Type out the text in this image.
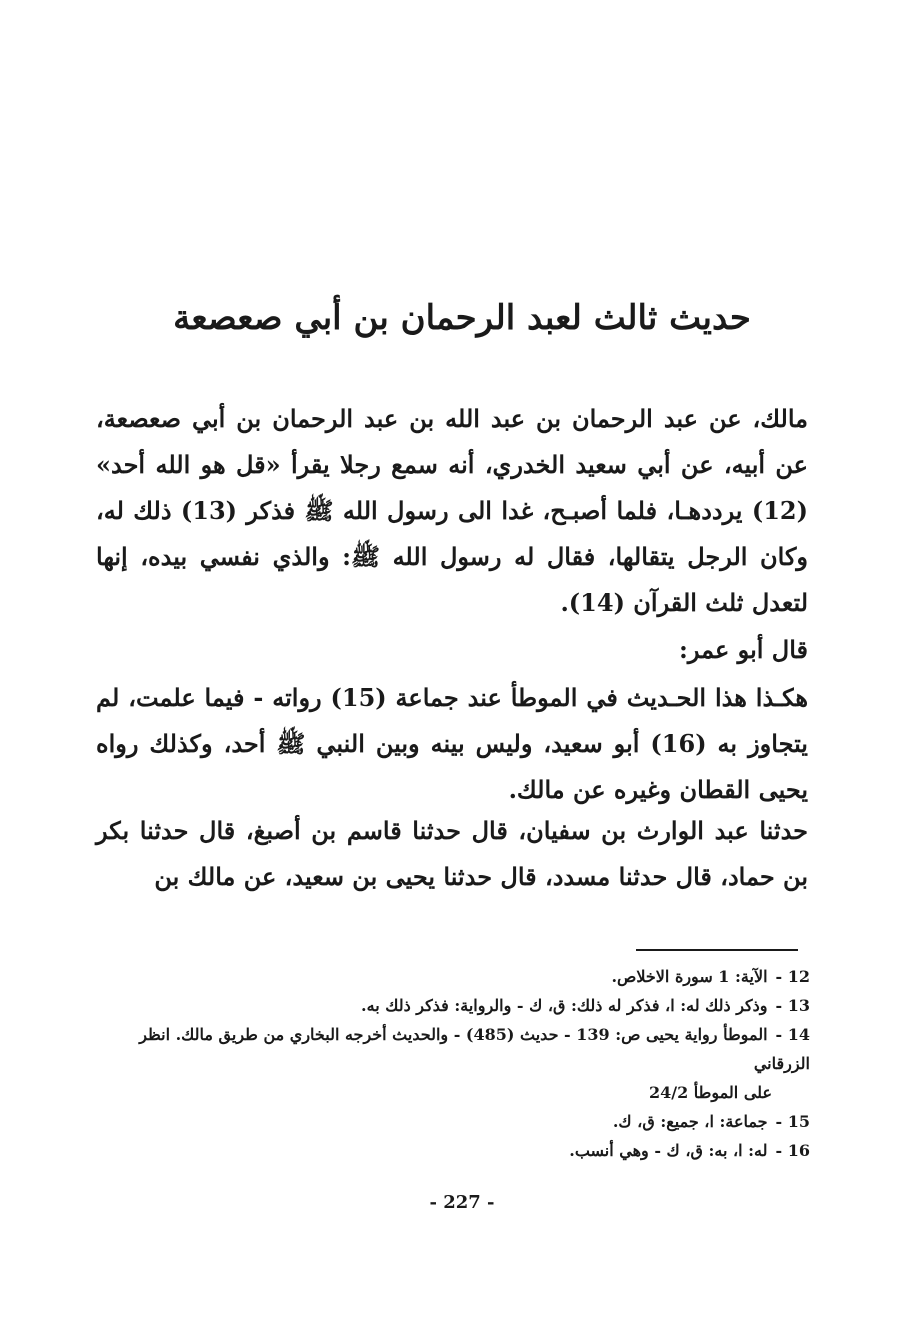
حديث ثالث لعبد الرحمان بن أبي صعصعة

مالك، عن عبد الرحمان بن عبد الله بن عبد الرحمان بن أبي صعصعة، عن أبيه، عن أبي سعيد الخدري، أنه سمع رجلا يقرأ «قل هو الله أحد» (12) يرددهـا، فلما أصبـح، غدا الى رسول الله ﷺ فذكر (13) ذلك له، وكان الرجل يتقالها، فقال له رسول الله ﷺ: والذي نفسي بيده، إنها لتعدل ثلث القرآن (14).

قال أبو عمر:

هكـذا هذا الحـديث في الموطأ عند جماعة (15) رواته - فيما علمت، لم يتجاوز به (16) أبو سعيد، وليس بينه وبين النبي ﷺ أحد، وكذلك رواه يحيى القطان وغيره عن مالك.

حدثنا عبد الوارث بن سفيان، قال حدثنا قاسم بن أصبغ، قال حدثنا بكر بن حماد، قال حدثنا مسدد، قال حدثنا يحيى بن سعيد، عن مالك بن

12 -الآية: 1 سورة الاخلاص.
13 -وذكر ذلك له: ا، فذكر له ذلك: ق، ك - والرواية: فذكر ذلك به.
14 -الموطأ رواية يحيى ص: 139 - حديث (485) - والحديث أخرجه البخاري من طريق مالك. انظر الزرقاني
على الموطأ 24/2
15 -جماعة: ا، جميع: ق، ك.
16 -له: ا، به: ق، ك - وهي أنسب.
- 227 -
